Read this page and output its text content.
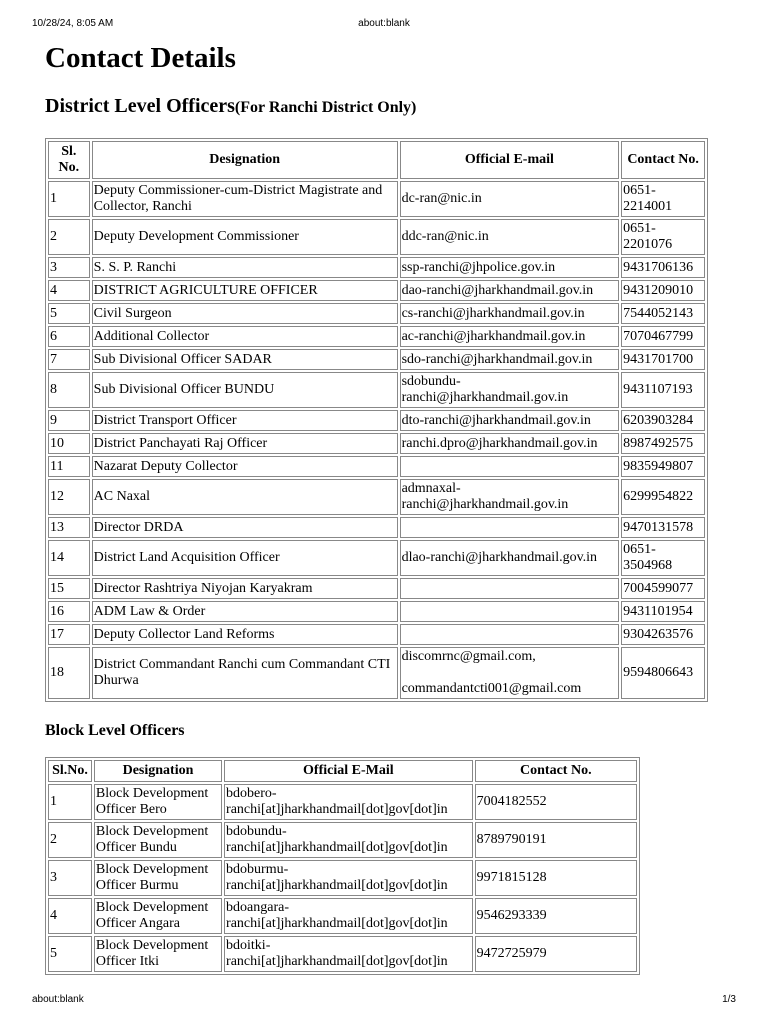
10/28/24, 8:05 AM	about:blank
Contact Details
District Level Officers(For Ranchi District Only)
Sl. No.	Designation	Official E-mail	Contact No.
1	Deputy Commissioner-cum-District Magistrate and Collector, Ranchi	dc-ran@nic.in	0651-2214001
2	Deputy Development Commissioner	ddc-ran@nic.in	0651-2201076
3	S. S. P. Ranchi	ssp-ranchi@jhpolice.gov.in	9431706136
4	DISTRICT AGRICULTURE OFFICER	dao-ranchi@jharkhandmail.gov.in	9431209010
5	Civil Surgeon	cs-ranchi@jharkhandmail.gov.in	7544052143
6	Additional Collector	ac-ranchi@jharkhandmail.gov.in	7070467799
7	Sub Divisional Officer SADAR	sdo-ranchi@jharkhandmail.gov.in	9431701700
8	Sub Divisional Officer BUNDU	sdobundu-ranchi@jharkhandmail.gov.in	9431107193
9	District Transport Officer	dto-ranchi@jharkhandmail.gov.in	6203903284
10	District Panchayati Raj Officer	ranchi.dpro@jharkhandmail.gov.in	8987492575
11	Nazarat Deputy Collector		9835949807
12	AC Naxal	admnaxal-ranchi@jharkhandmail.gov.in	6299954822
13	Director DRDA		9470131578
14	District Land Acquisition Officer	dlao-ranchi@jharkhandmail.gov.in	0651-3504968
15	Director Rashtriya Niyojan Karyakram		7004599077
16	ADM Law & Order		9431101954
17	Deputy Collector Land Reforms		9304263576
18	District Commandant Ranchi cum Commandant CTI Dhurwa	discomrnc@gmail.com,

commandantcti001@gmail.com	9594806643
Block Level Officers
Sl.No.	Designation	Official E-Mail	Contact No.
1	Block Development Officer Bero	bdobero-ranchi[at]jharkhandmail[dot]gov[dot]in	7004182552
2	Block Development Officer Bundu	bdobundu-ranchi[at]jharkhandmail[dot]gov[dot]in	8789790191
3	Block Development Officer Burmu	bdoburmu-ranchi[at]jharkhandmail[dot]gov[dot]in	9971815128
4	Block Development Officer Angara	bdoangara-ranchi[at]jharkhandmail[dot]gov[dot]in	9546293339
5	Block Development Officer Itki	bdoitki-ranchi[at]jharkhandmail[dot]gov[dot]in	9472725979
about:blank	1/3
